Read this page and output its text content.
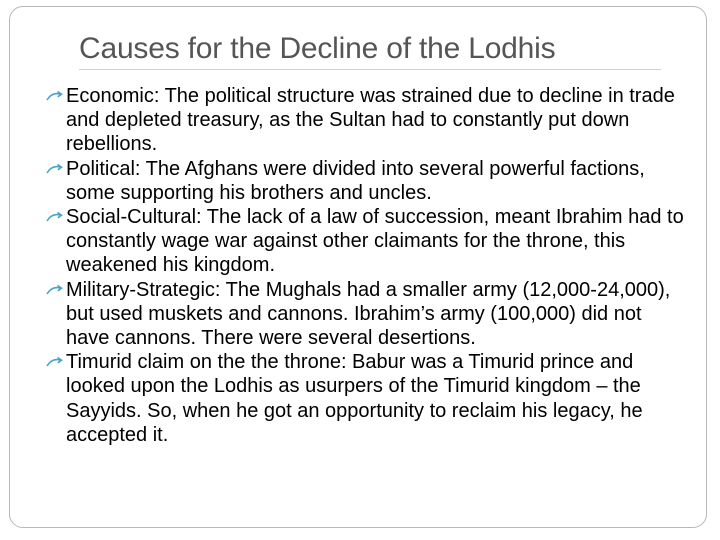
Causes for the Decline of the Lodhis
Economic: The political structure was strained due to decline in trade and depleted treasury, as the Sultan had to constantly put down rebellions.
Political: The Afghans were divided into several powerful factions, some supporting his brothers and uncles.
Social-Cultural: The lack of a law of succession, meant Ibrahim had to constantly wage war against other claimants for the throne, this weakened his kingdom.
Military-Strategic: The Mughals had a smaller army (12,000-24,000), but used muskets and cannons. Ibrahim’s army (100,000) did not have cannons. There were several desertions.
Timurid claim on the the throne: Babur was a Timurid prince and looked upon the Lodhis as usurpers of the Timurid kingdom – the Sayyids. So, when he got an opportunity to reclaim his legacy, he accepted it.
